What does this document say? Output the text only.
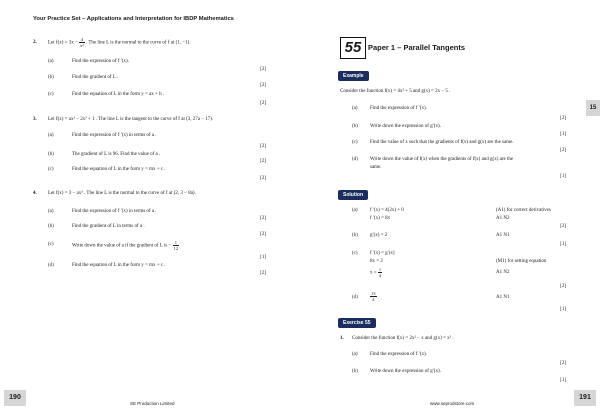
Your Practice Set – Applications and Interpretation for IBDP Mathematics
2. Let $f(x) = 3x - \frac{4}{\text{x²}}$ . The line L is the normal to the curve of f at (1, −1).
(a)	Find the expression of f ′(x).
[2]
(b)	Find the gradient of L .
[2]
(c)	Find the equation of L in the form y = ax + b .
[2]
3. Let f(x) = ax³ − 2x² + 1 . The line L is the tangent to the curve of f at (3, 27a − 17).
(a)	Find the expression of f ′(x) in terms of a .
[2]
(b)	The gradient of L is 96. Find the value of a .
[2]
(c)	Find the equation of L in the form y = mx + c .
[2]
4. Let f(x) = 3 − ax³ . The line L is the normal to the curve of f at (2, 3 − 8a).
(a)	Find the expression of f ′(x) in terms of a .
[2]
(b)	Find the gradient of L in terms of a .
[2]
(c)	Write down the value of a if the gradient of L is − $\frac{1}{12}$
[1]
(d)	Find the equation of L in the form y = mx + c .
[2]
190
SE Production Limited
55 Paper 1 – Parallel Tangents
15
Example
Consider the function f(x) = 4x² + 5 and g(x) = 2x − 5 .
(a) Find the expression of f ′(x).
[2]
(b) Write down the expression of g′(x).
[1]
(c) Find the value of x such that the gradients of f(x) and g(x) are the same.
[2]
(d) Write down the value of f(x) when the gradients of f(x) and g(x) are the
same.
[1]
Solution
(a) f ′(x) = 4(2x) + 0	(A1) for correct derivatives
f ′(x) = 8x	A1 N2
[2]
(b) g′(x) = 2	A1 N1
[1]
(c) f ′(x) = g′(x)
8x = 2	(M1) for setting equation
$x = \frac{1}{4}$	A1 N2
[2]
(d)	$\frac{13}{4}$	A1 N1
[1]
Exercise 55
1. Consider the function f(x) = 2x² − x and g(x) = x² .
(a) Find the expression of f ′(x).
[2]
(b) Write down the expression of g′(x).
[1]
191
www.seprodstore.com
